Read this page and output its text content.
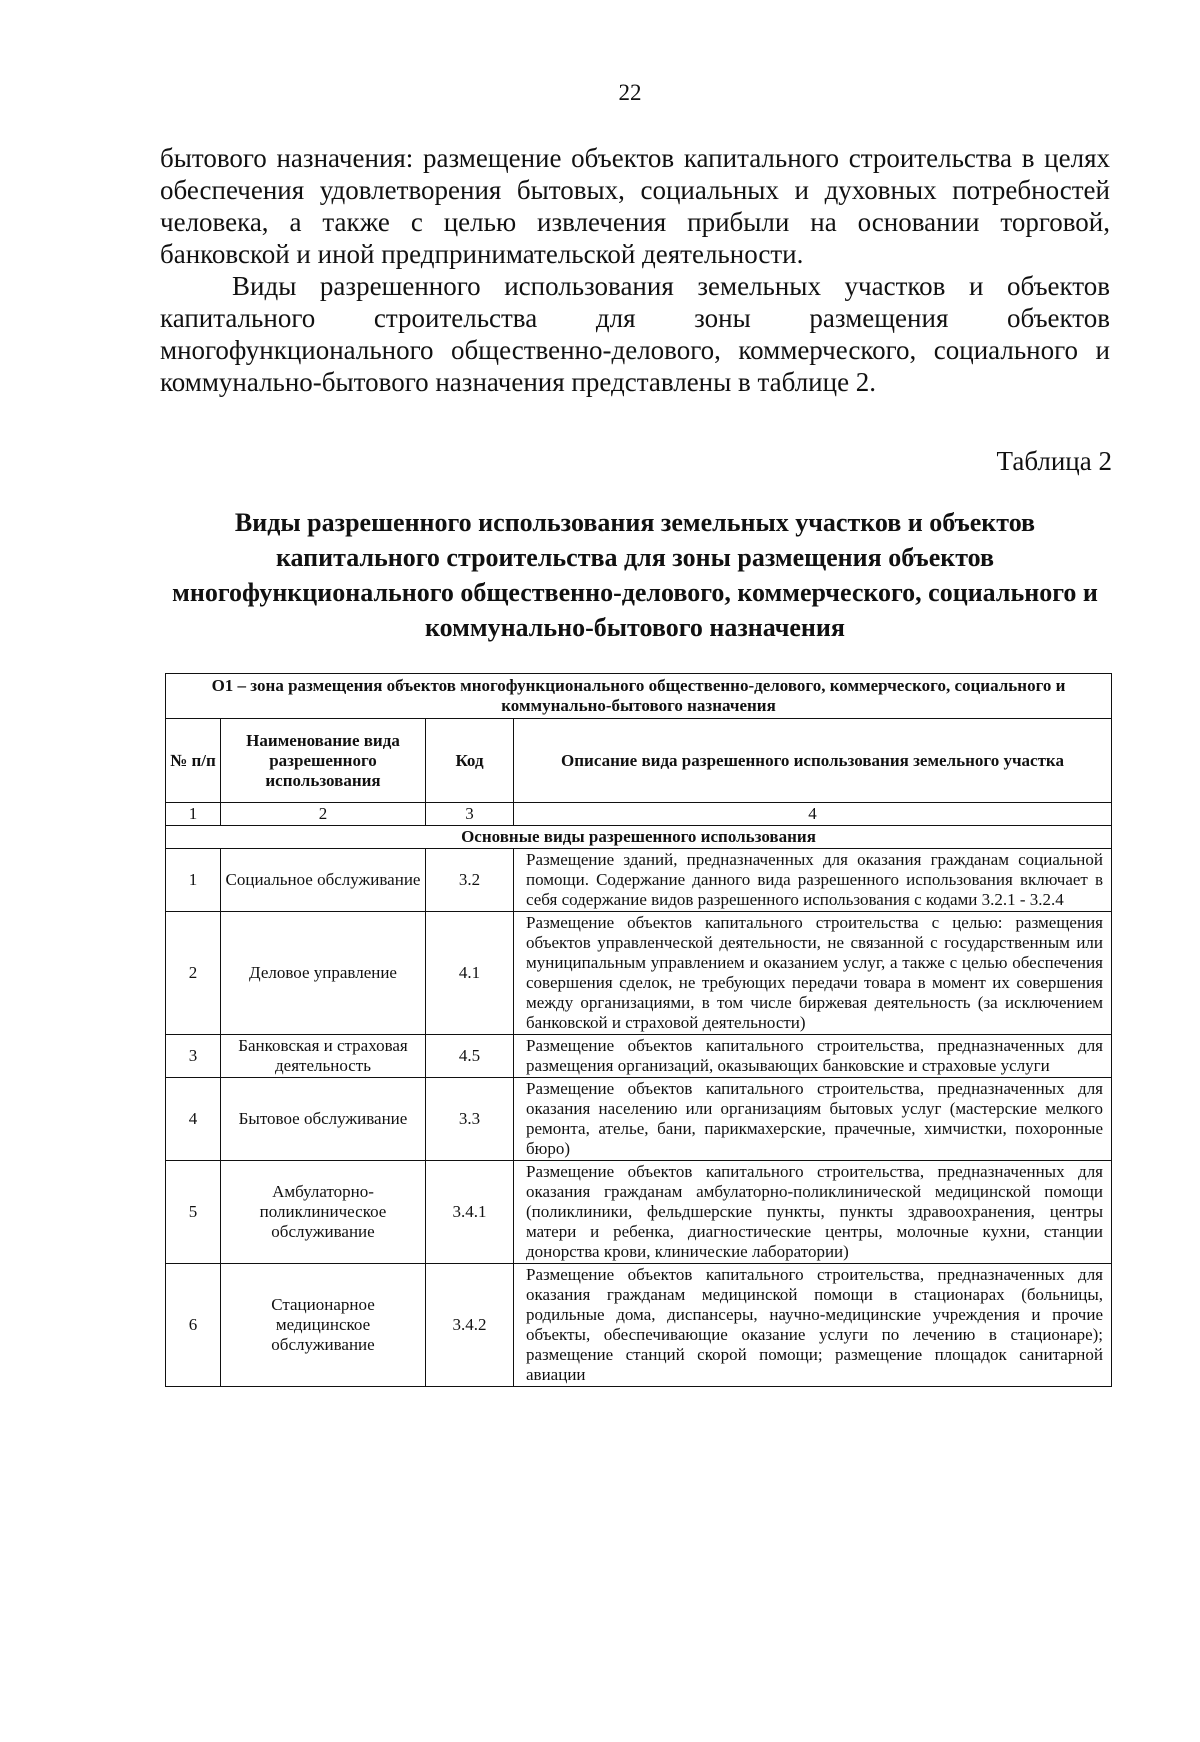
22

бытового назначения: размещение объектов капитального строительства в целях обеспечения удовлетворения бытовых, социальных и духовных потребностей человека, а также с целью извлечения прибыли на основании торговой, банковской и иной предпринимательской деятельности.

Виды разрешенного использования земельных участков и объектов капитального строительства для зоны размещения объектов многофункционального общественно-делового, коммерческого, социального и коммунально-бытового назначения представлены в таблице 2.

Таблица 2

Виды разрешенного использования земельных участков и объектов капитального строительства для зоны размещения объектов многофункционального общественно-делового, коммерческого, социального и коммунально-бытового назначения

О1 – зона размещения объектов многофункционального общественно-делового, коммерческого, социального и коммунально-бытового назначения			
№ п/п	Наименование вида разрешенного использования	Код	Описание вида разрешенного использования земельного участка
1	2	3	4
Основные виды разрешенного использования			
1	Социальное обслуживание	3.2	Размещение зданий, предназначенных для оказания гражданам социальной помощи. Содержание данного вида разрешенного использования включает в себя содержание видов разрешенного использования с кодами 3.2.1 - 3.2.4
2	Деловое управление	4.1	Размещение объектов капитального строительства с целью: размещения объектов управленческой деятельности, не связанной с государственным или муниципальным управлением и оказанием услуг, а также с целью обеспечения совершения сделок, не требующих передачи товара в момент их совершения между организациями, в том числе биржевая деятельность (за исключением банковской и страховой деятельности)
3	Банковская и страховая деятельность	4.5	Размещение объектов капитального строительства, предназначенных для размещения организаций, оказывающих банковские и страховые услуги
4	Бытовое обслуживание	3.3	Размещение объектов капитального строительства, предназначенных для оказания населению или организациям бытовых услуг (мастерские мелкого ремонта, ателье, бани, парикмахерские, прачечные, химчистки, похоронные бюро)
5	Амбулаторно-поликлиническое обслуживание	3.4.1	Размещение объектов капитального строительства, предназначенных для оказания гражданам амбулаторно-поликлинической медицинской помощи (поликлиники, фельдшерские пункты, пункты здравоохранения, центры матери и ребенка, диагностические центры, молочные кухни, станции донорства крови, клинические лаборатории)
6	Стационарное медицинское обслуживание	3.4.2	Размещение объектов капитального строительства, предназначенных для оказания гражданам медицинской помощи в стационарах (больницы, родильные дома, диспансеры, научно-медицинские учреждения и прочие объекты, обеспечивающие оказание услуги по лечению в стационаре); размещение станций скорой помощи; размещение площадок санитарной авиации
